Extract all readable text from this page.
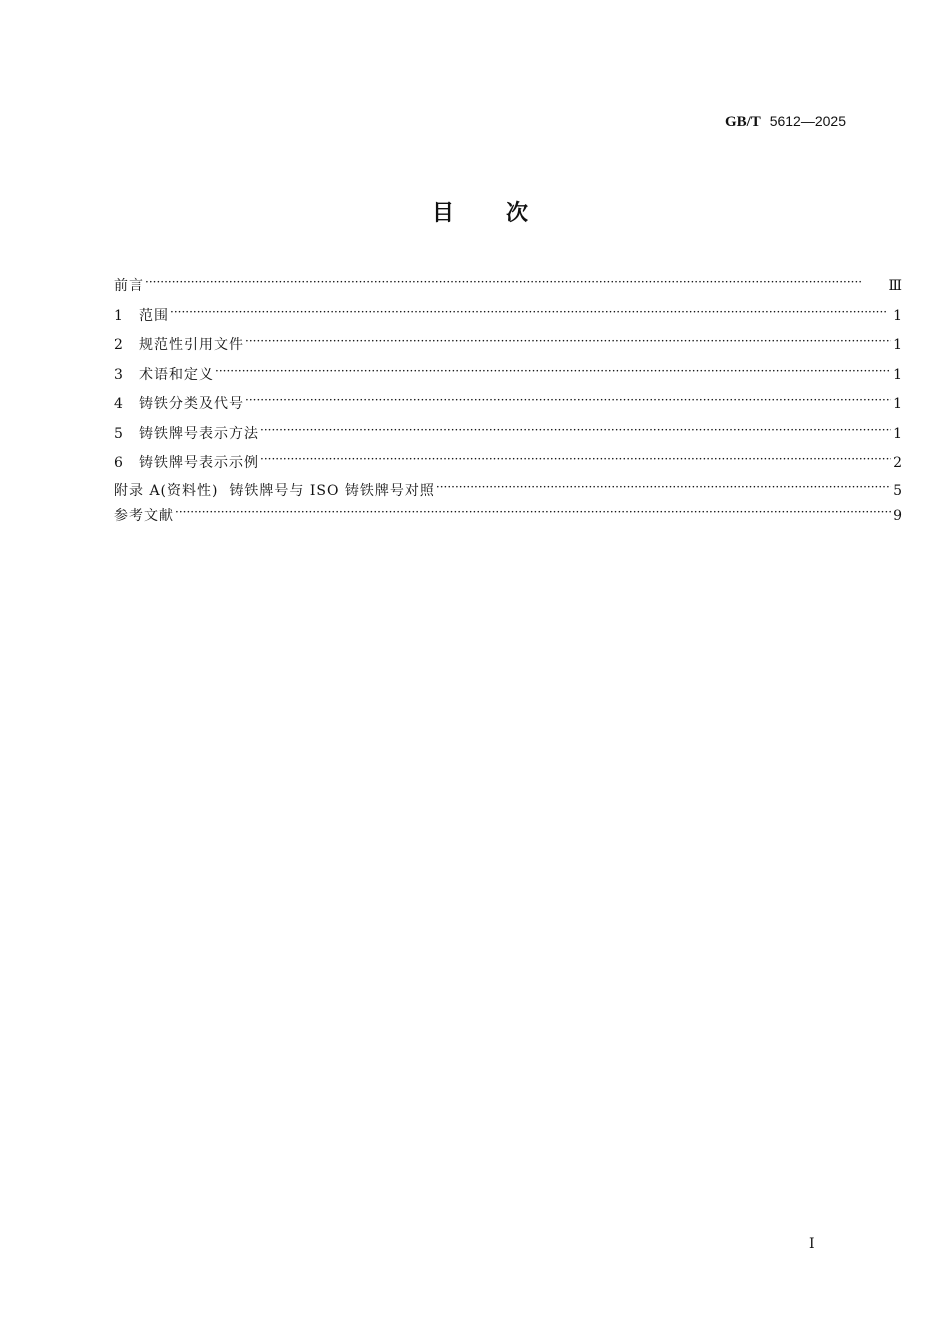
GB/T 5612—2025
目次
前言 ·····	Ⅲ
1	范围 ·····	1
2	规范性引用文件 ·····	1
3	术语和定义 ·····	1
4	铸铁分类及代号 ·····	1
5	铸铁牌号表示方法 ·····	1
6	铸铁牌号表示示例 ·····	2
附录 A(资料性)  铸铁牌号与 ISO 铸铁牌号对照 ·····	5
参考文献 ·····	9
I
